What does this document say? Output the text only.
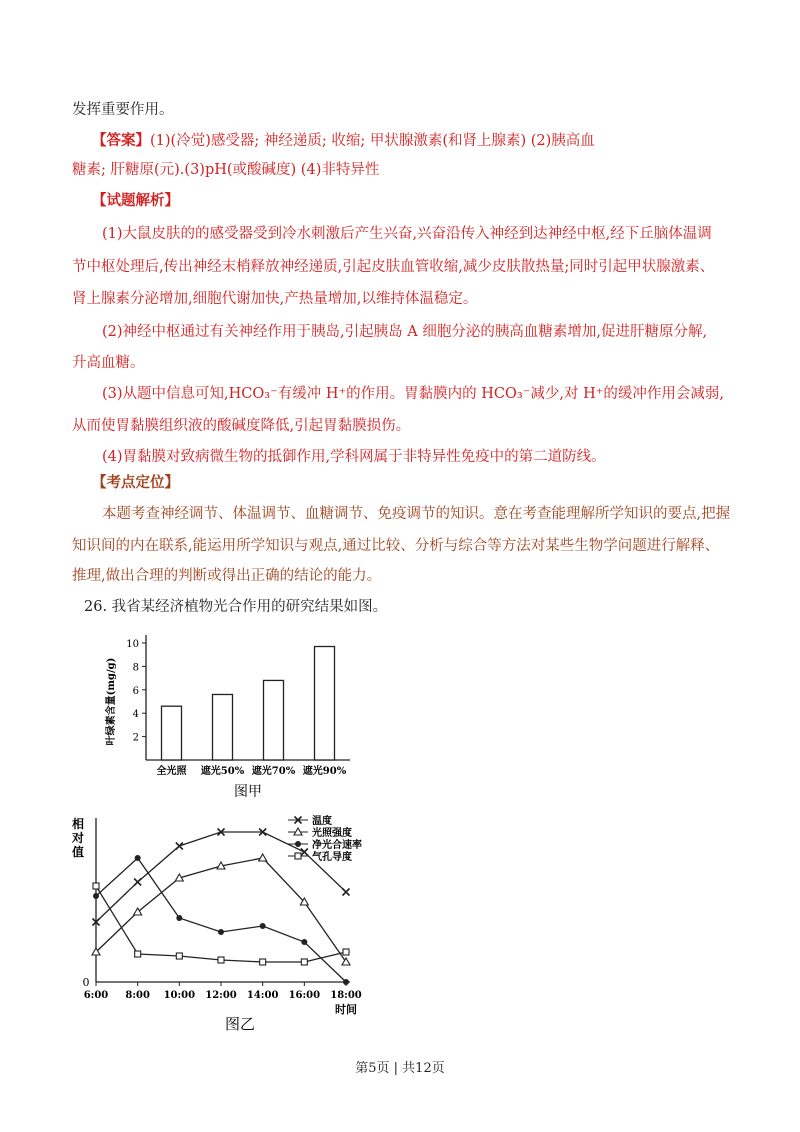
发挥重要作用。
【答案】(1)(冷觉)感受器; 神经递质; 收缩; 甲状腺激素(和肾上腺素) (2)胰高血
糖素; 肝糖原(元).(3)pH(或酸碱度) (4)非特异性
【试题解析】
(1)大鼠皮肤的的感受器受到冷水刺激后产生兴奋,兴奋沿传入神经到达神经中枢,经下丘脑体温调
节中枢处理后,传出神经末梢释放神经递质,引起皮肤血管收缩,减少皮肤散热量;同时引起甲状腺激素、
肾上腺素分泌增加,细胞代谢加快,产热量增加,以维持体温稳定。
(2)神经中枢通过有关神经作用于胰岛,引起胰岛 A 细胞分泌的胰高血糖素增加,促进肝糖原分解,
升高血糖。
(3)从题中信息可知,HCO₃⁻有缓冲 H⁺的作用。胃黏膜内的 HCO₃⁻减少,对 H⁺的缓冲作用会减弱,
从而使胃黏膜组织液的酸碱度降低,引起胃黏膜损伤。
(4)胃黏膜对致病微生物的抵御作用,学科网属于非特异性免疫中的第二道防线。
【考点定位】
本题考查神经调节、体温调节、血糖调节、免疫调节的知识。意在考查能理解所学知识的要点,把握
知识间的内在联系,能运用所学知识与观点,通过比较、分析与综合等方法对某些生物学问题进行解释、
推理,做出合理的判断或得出正确的结论的能力。
26. 我省某经济植物光合作用的研究结果如图。
2
4
6
8
10
叶绿素含量(mg/g)
全光照 遮光50% 遮光70% 遮光90%
图甲
0
相
对
值
6:00 8:00 10:00 12:00 14:00 16:00 18:00
时间
图乙
温度
光照强度
净光合速率
气孔导度
第5页 | 共12页
